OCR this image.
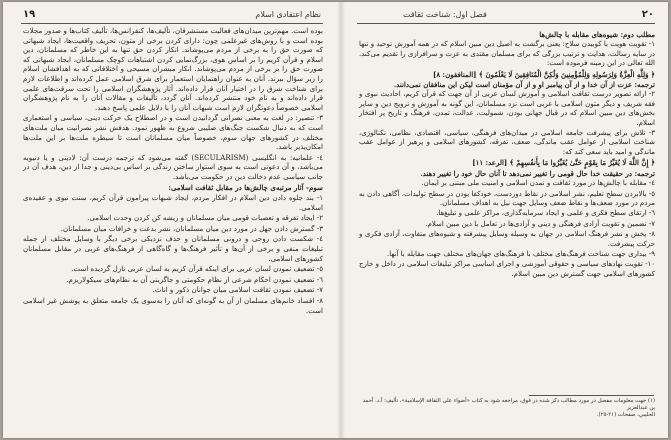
١٩	نظام اعتقادی اسلام

بوده است. مهم‌ترین میدان‌های فعالیت مستشرقان، تألیف‌ها، کنفرانس‌ها، تألیف کتاب‌ها و صدور مجلات بوده است و با روش‌های غیرعلمی چون: دارای کردن برخی از متون، تحریف واقعیت‌ها، ایجاد شبهاتی که صورت حق را به برخی از مردم می‌پوشاند. انکار کردن حق تنها به این خاطر که مسلمانان، دین اسلام و قرآن کریم را بر اساس هوی، بزرگ‌نمایی کردن اشتباهات کوچک مسلمانان، ایجاد شبهاتی که صورت حق را بر برخی از مردم می‌پوشاند. انکار مبشران مسیحی و اختلافاتی که به اهدافشان اسلام را زیر سؤال ببرند. آنان به عنوان راهنمایان استعمار برای شرق اسلامی عمل کرده‌اند و اطلاعات لازم برای شناخت شرق را در اختیار آنان قرار داده‌اند. آثار پژوهشگران اسلامی را تحت سرقت‌های علمی قرار داده‌اند و به نام خود منتشر کرده‌اند. آنان گردد، تألیفات و مقالات آنان را به نام پژوهشگران اسلامی خصوصاً دعوتگران لازم است شبهات آنان را با دلایل علمی پاسخ دهند.

٣- تنصیر: در لغت به معنی نصرانی گردانیدن است و در اصطلاح یک حرکت دینی، سیاسی و استعماری است که به دنبال شکست جنگ‌های صلیبی شروع به ظهور نمود. هدفش نشر نصرانیت میان ملت‌های مختلف در کشورهای جهان سوم، خصوصاً میان مسلمانان است تا سیطره ملت‌ها بر این ملت‌ها امکان‌پذیر باشد.

٤- علمانیه: به انگلیسی (SECULARISM) گفته می‌شود که ترجمه درست آن: لادینی و یا دنیویه می‌باشد، و آن دعوتی است به سوی استوار ساختن زندگی بر اساس بی‌دینی و جدا از دین، هدف آن در جانب سیاسی عدم دخالت دین در حکومت می‌باشد.

سوم- آثار مرتبه‌ی چالش‌ها در مقابل ثقافت اسلامی:

١- بند جلوه دادن دین اسلام در افکار مردم، ایجاد شبهات پیرامون قرآن کریم، سنت نبوی و عقیده‌ی اسلامی.

٢- ایجاد تفرقه و تعصبات قومی میان مسلمانان و ریشه کن کردن وحدت اسلامی.

٣- گسترش دادن جهل در مورد دین میان مسلمانان، نشر بدعت و خرافات میان مسلمانان.

٤- شکست دادن روحی و درونی مسلمانان و حذف نزدیکی برخی دیگر با وسایل مختلف از جمله تبلیغات منفی و برخی از آن‌ها و تأثیر فرهنگ‌ها و گاه‌گاهی از فرهنگ‌های غربی در مقابل مسلمانان کشورهای اسلامی.

٥- تضعیف نمودن لسان عربی برای اینکه قرآن کریم به لسان عربی نازل گردیده است.

٦- تضعیف نمودن احکام شرعی از نظام حکومتی و جاگزینی آن به نظام‌های سیکولاریزم.

٧- تضعیف نمودن ثقافت اسلامی میان جوانان ذکور و اناث.

٨- افساد خانم‌های مسلمان از آن به گونه‌ای که آنان را به‌سوی یک جامعه متعلق به پوشش غیر اسلامی است.

٢٠
فصل اول: شناخت ثقافت

مطلب دوم: شیوه‌های مقابله با چالش‌ها

١- تقویت هویت با کوبیدن سلاح: یعنی برگشت به اصیل دین مبین اسلام که در همه آموزش توحید و تنها در سایه رسالت، هدایت و ترتیب بزرگی که برای مسلمان مقتدی به عزت و سرافرازی را تقدیم می‌کند. الله تعالی در این زمینه فرموده است:

﴿ وَلِلَّهِ الْعِزَّةُ وَلِرَسُولِهِ وَلِلْمُؤْمِنِينَ وَلَٰكِنَّ الْمُنَافِقِينَ لَا يَعْلَمُونَ ﴾ [المنافقون: ٨]

ترجمه: عزت از آن خدا و از آن پیامبر او و از آن مؤمنان است لیکن این منافقان نمی‌دانند.

٢- ارائه تصویر درست ثقافت اسلامی و آموزش لسان عربی از آن جهت که قرآن کریم، احادیث نبوی و فقه شریف و دیگر متون اسلامی با عربی است نزد مسلمانان، این گونه به آموزش و ترویج دین و سایر بخش‌های دین مبین اسلام که در قبال جهانی بودن، شمولیت، عدالت، تمدن، فرهنگ و تاریخ پر افتخار اسلام.

٣- تلاش برای پیشرفت جامعه اسلامی در میدان‌های فرهنگی، سیاسی، اقتصادی، نظامی، تکنالوژی، شناخت اسلامی از عوامل عقب ماندگی، ضعف، تفرقه، کشورهای اسلامی و پرهیز از عوامل عقب ماندگی و امید باید سعی کند که:

﴿ إِنَّ اللَّهَ لَا يُغَيِّرُ مَا بِقَوْمٍ حَتَّىٰ يُغَيِّرُوا مَا بِأَنفُسِهِمْ ﴾ [الرعد: ١١]

ترجمه: در حقیقت خدا حال قومی را تغییر نمی‌دهد تا آنان حال خود را تغییر دهند.

٤- مقابله با چالش‌ها در مورد ثقافت و تمدن اسلامی و امنیت ملی مبتنی بر ایمان.

٥- بالابردن سطح تعلیم، نشر اسلامی در نقاط دوردست، خودکفا بودن در سطح تولیدات، آگاهی دادن به مردم در مورد ضعف‌ها و نقاط ضعف وسایل جهت نیل به اهداف مسلمانان.

٦- ارتقای سطح فکری و علمی و ایجاد سرمایه‌گذاری، مراکز علمی و تبلیغ‌ها.

٧- تضمین و تقویت آزادی فرهنگی و دینی و آزادی‌ها در تعامل با دین مبین اسلام.

٨- پخش و نشر فرهنگ اسلامی در جهان به وسیله وسایل پیشرفته و شیوه‌های متفاوت، آزادی فکری و حرکت پیشرفت.

٩- بیداری جهت شناخت فرهنگ‌های مختلف با فرهنگ‌های جهان‌های مختلف جهت مقابله با آنها.

١٠- تقویت نهادهای سیاسی و حقوقی آموزشی و اجرای اساسی مراکز تبلیغات اسلامی در داخل و خارج کشورهای اسلامی جهت گسترش دین مبین اسلام.

(١) جهت معلومات مفصل در مورد مطالب ذکر شده در فوق، مراجعه شود به کتاب «أضواء على الثقافة الإسلامية»، تأليف: أ.د. أحمد بن عبدالعزيز

الحليبي، صفحات (٢١-٢٥).
